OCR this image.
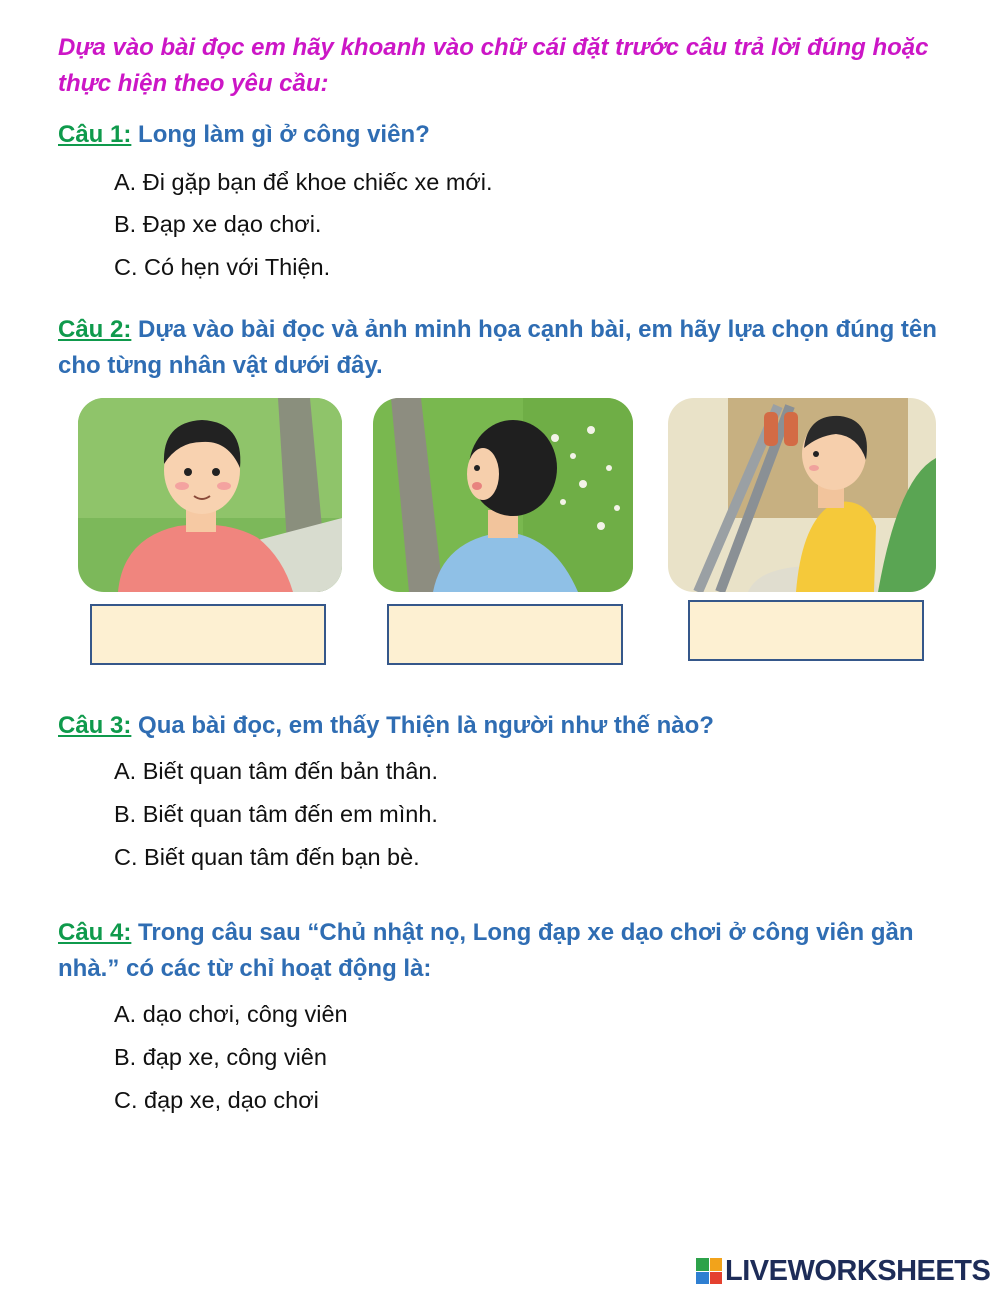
Dựa vào bài đọc em hãy khoanh vào chữ cái đặt trước câu trả lời đúng hoặc thực hiện theo yêu cầu:
Câu 1: Long làm gì ở công viên?
A. Đi gặp bạn để khoe chiếc xe mới.
B. Đạp xe dạo chơi.
C. Có hẹn với Thiện.
Câu 2: Dựa vào bài đọc và ảnh minh họa cạnh bài, em hãy lựa chọn đúng tên cho từng nhân vật dưới đây.
Câu 3: Qua bài đọc, em thấy Thiện là người như thế nào?
A. Biết quan tâm đến bản thân.
B. Biết quan tâm đến em mình.
C. Biết quan tâm đến bạn bè.
Câu 4: Trong câu sau “Chủ nhật nọ, Long đạp xe dạo chơi ở công viên gần nhà.” có các từ chỉ hoạt động là:
A. dạo chơi, công viên
B. đạp xe, công viên
C. đạp xe, dạo chơi
LIVEWORKSHEETS
